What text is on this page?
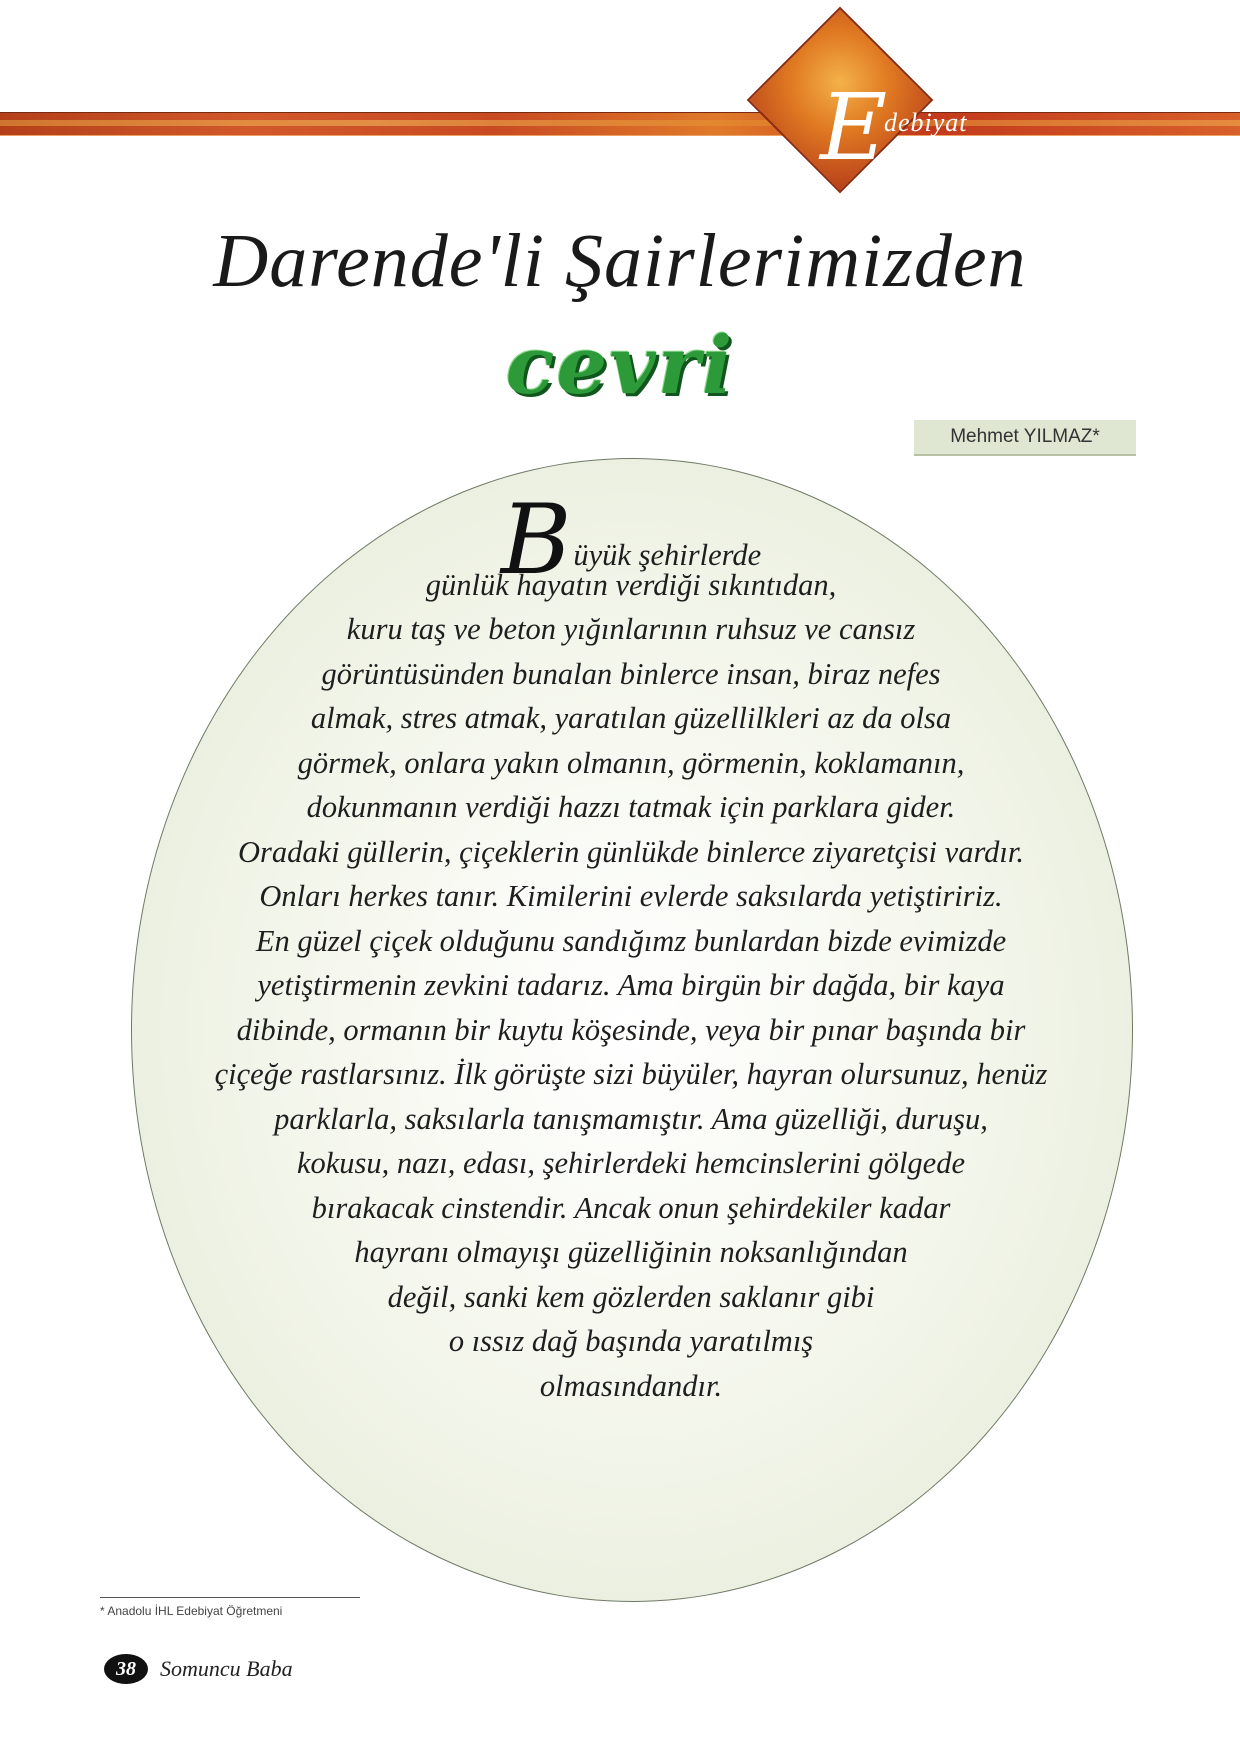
E
debiyat
Darende'li Şairlerimizden
cevri
Mehmet YILMAZ*
Büyük şehirlerde
günlük hayatın verdiği sıkıntıdan,
kuru taş ve beton yığınlarının ruhsuz ve cansız
görüntüsünden bunalan binlerce insan, biraz nefes
almak, stres atmak, yaratılan güzellilkleri az da olsa
görmek, onlara yakın olmanın, görmenin, koklamanın,
dokunmanın verdiği hazzı tatmak için parklara gider.
Oradaki güllerin, çiçeklerin günlükde binlerce ziyaretçisi vardır.
Onları herkes tanır. Kimilerini evlerde saksılarda yetiştiririz.
En güzel çiçek olduğunu sandığımz bunlardan bizde evimizde
yetiştirmenin zevkini tadarız. Ama birgün bir dağda, bir kaya
dibinde, ormanın bir kuytu köşesinde, veya bir pınar başında bir
çiçeğe rastlarsınız. İlk görüşte sizi büyüler, hayran olursunuz, henüz
parklarla, saksılarla tanışmamıştır. Ama güzelliği, duruşu,
kokusu, nazı, edası, şehirlerdeki hemcinslerini gölgede
bırakacak cinstendir. Ancak onun şehirdekiler kadar
hayranı olmayışı güzelliğinin noksanlığından
değil, sanki kem gözlerden saklanır gibi
o ıssız dağ başında yaratılmış
olmasındandır.
* Anadolu İHL Edebiyat Öğretmeni
38	Somuncu Baba
